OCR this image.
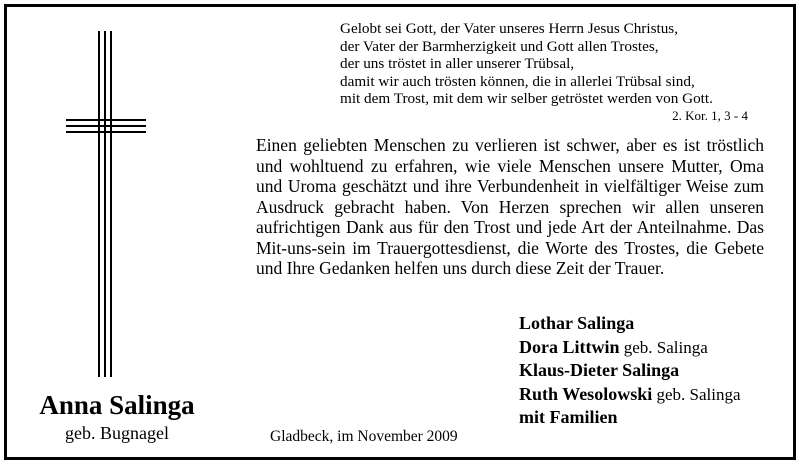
Gelobt sei Gott, der Vater unseres Herrn Jesus Christus,
der Vater der Barmherzigkeit und Gott allen Trostes,
der uns tröstet in aller unserer Trübsal,
damit wir auch trösten können, die in allerlei Trübsal sind,
mit dem Trost, mit dem wir selber getröstet werden von Gott.
2. Kor. 1, 3 - 4
Einen geliebten Menschen zu verlieren ist schwer, aber es ist tröstlich und wohltuend zu erfahren, wie viele Menschen unsere Mutter, Oma und Uroma geschätzt und ihre Verbundenheit in vielfältiger Weise zum Ausdruck gebracht haben. Von Herzen sprechen wir allen unseren aufrichtigen Dank aus für den Trost und jede Art der Anteilnahme. Das Mit-uns-sein im Trauergottesdienst, die Worte des Trostes, die Gebete und Ihre Gedanken helfen uns durch diese Zeit der Trauer.
Lothar Salinga
Dora Littwin geb. Salinga
Klaus-Dieter Salinga
Ruth Wesolowski geb. Salinga
mit Familien
Anna Salinga
geb. Bugnagel	Gladbeck, im November 2009
